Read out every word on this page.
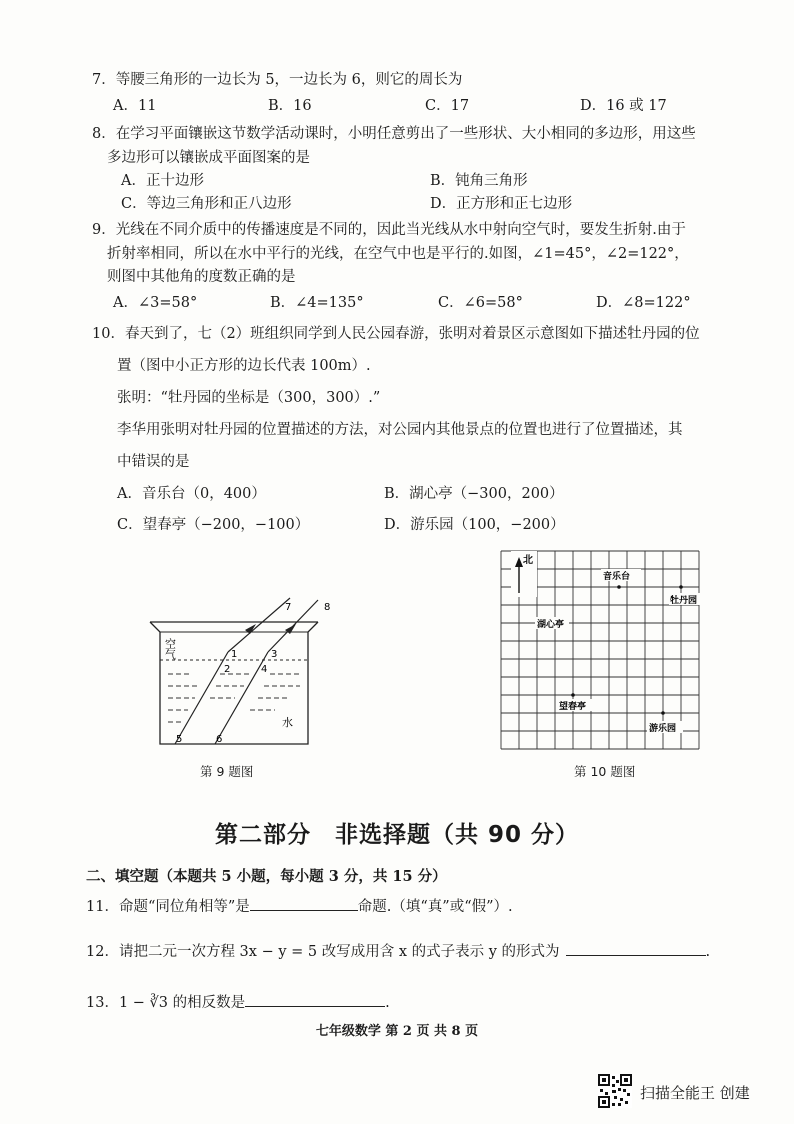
7．等腰三角形的一边长为 5，一边长为 6，则它的周长为
A．11	B．16	C．17	D．16 或 17
8．在学习平面镶嵌这节数学活动课时，小明任意剪出了一些形状、大小相同的多边形，用这些
多边形可以镶嵌成平面图案的是
A．正十边形	B．钝角三角形
C．等边三角形和正八边形	D．正方形和正七边形
9．光线在不同介质中的传播速度是不同的，因此当光线从水中射向空气时，要发生折射.由于
折射率相同，所以在水中平行的光线，在空气中也是平行的.如图，∠1=45°，∠2=122°，
则图中其他角的度数正确的是
A．∠3=58°	B．∠4=135°	C．∠6=58°	D．∠8=122°
10．春天到了，七（2）班组织同学到人民公园春游，张明对着景区示意图如下描述牡丹园的位
置（图中小正方形的边长代表 100m）.
张明：“牡丹园的坐标是（300，300）.”
李华用张明对牡丹园的位置描述的方法，对公园内其他景点的位置也进行了位置描述，其
中错误的是
A．音乐台（0，400）	B．湖心亭（−300，200）
C．望春亭（−200，−100）	D．游乐园（100，−200）
空气
水
1
2
3
4
5	6
7	8
第 9 题图
北
音乐台
牡丹园
湖心亭
望春亭
游乐园
第 10 题图
第二部分　非选择题（共 90 分）
二、填空题（本题共 5 小题，每小题 3 分，共 15 分）
11．命题“同位角相等”是	命题.（填“真”或“假”）.
12．请把二元一次方程 3x − y = 5 改写成用含 x 的式子表示 y 的形式为	.
13．1 − ∛3 的相反数是	.
七年级数学 第 2 页 共 8 页
扫描全能王 创建
